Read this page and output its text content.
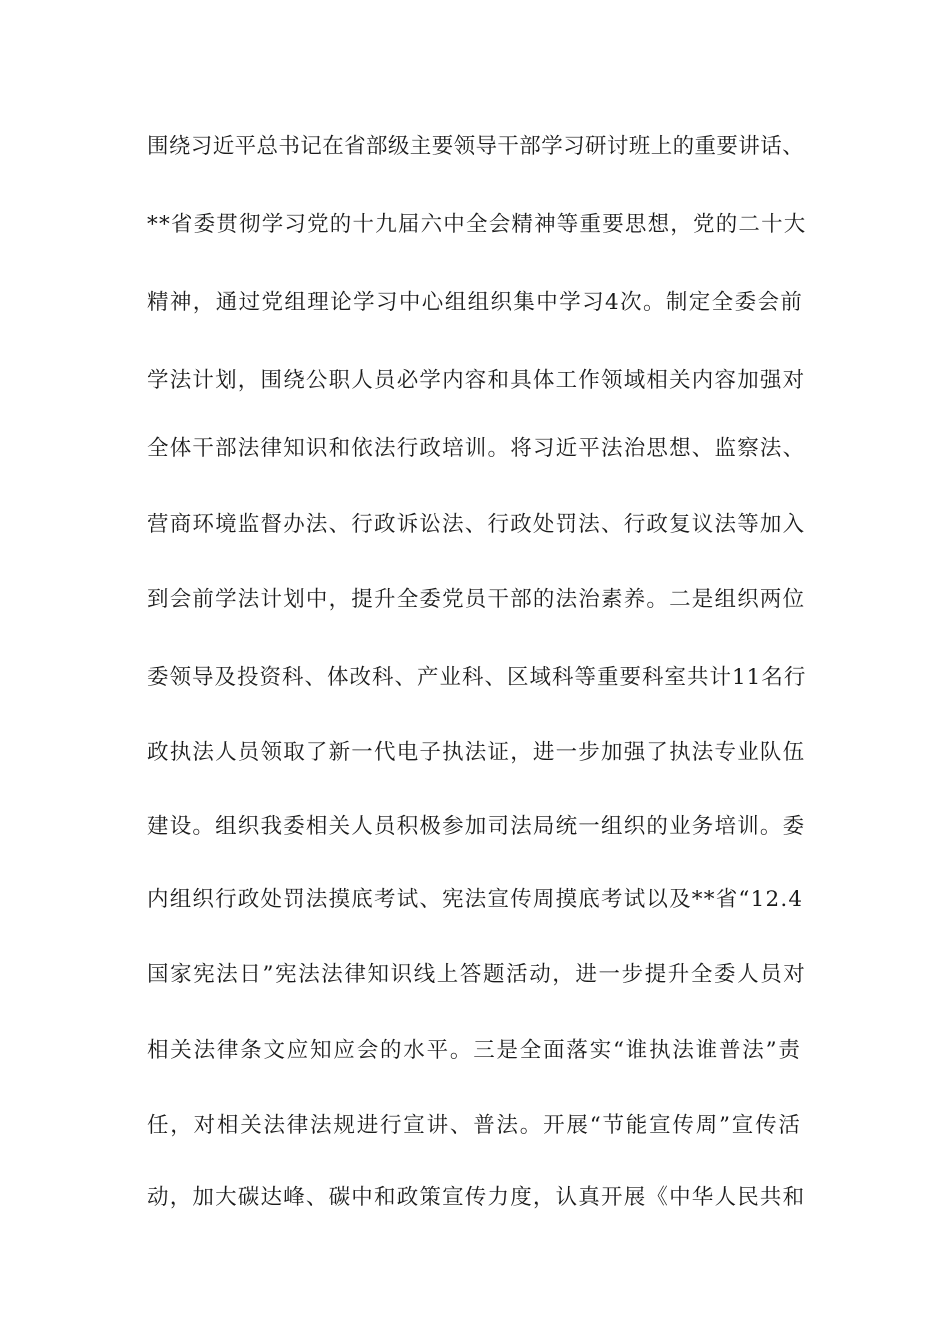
围绕习近平总书记在省部级主要领导干部学习研讨班上的重要讲话、
**省委贯彻学习党的十九届六中全会精神等重要思想，党的二十大
精神，通过党组理论学习中心组组织集中学习4次。制定全委会前
学法计划，围绕公职人员必学内容和具体工作领域相关内容加强对
全体干部法律知识和依法行政培训。将习近平法治思想、监察法、
营商环境监督办法、行政诉讼法、行政处罚法、行政复议法等加入
到会前学法计划中，提升全委党员干部的法治素养。二是组织两位
委领导及投资科、体改科、产业科、区域科等重要科室共计11名行
政执法人员领取了新一代电子执法证，进一步加强了执法专业队伍
建设。组织我委相关人员积极参加司法局统一组织的业务培训。委
内组织行政处罚法摸底考试、宪法宣传周摸底考试以及**省“12.4
国家宪法日”宪法法律知识线上答题活动，进一步提升全委人员对
相关法律条文应知应会的水平。三是全面落实“谁执法谁普法”责
任，对相关法律法规进行宣讲、普法。开展“节能宣传周”宣传活
动，加大碳达峰、碳中和政策宣传力度，认真开展《中华人民共和
